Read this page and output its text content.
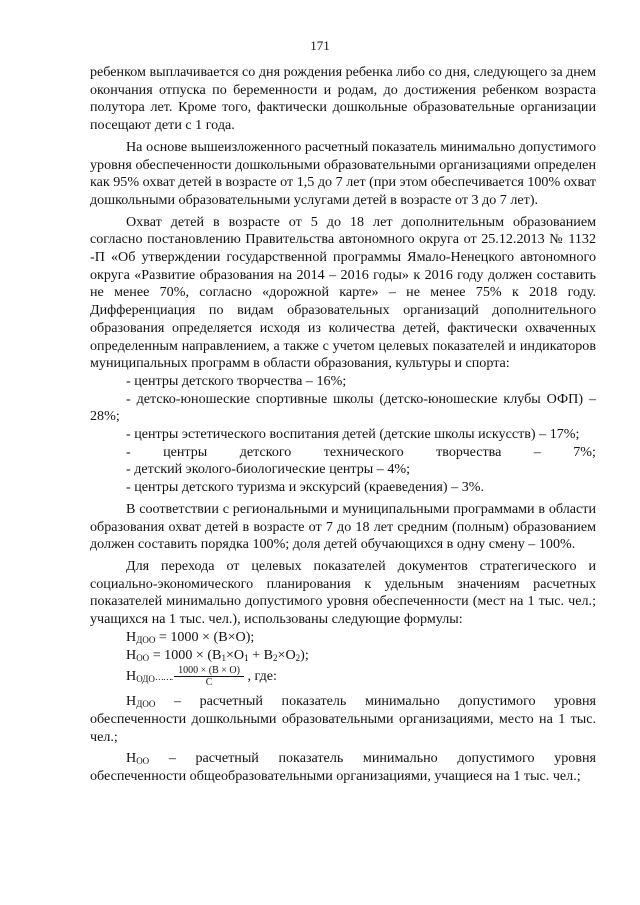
171

ребенком выплачивается со дня рождения ребенка либо со дня, следующего за днем окончания отпуска по беременности и родам, до достижения ребенком возраста полутора лет. Кроме того, фактически дошкольные образовательные организации посещают дети с 1 года.

На основе вышеизложенного расчетный показатель минимально допустимого уровня обеспеченности дошкольными образовательными организациями определен как 95% охват детей в возрасте от 1,5 до 7 лет (при этом обеспечивается 100% охват дошкольными образовательными услугами детей в возрасте от 3 до 7 лет).

Охват детей в возрасте от 5 до 18 лет дополнительным образованием согласно постановлению Правительства автономного округа от 25.12.2013 № 1132 -П «Об утверждении государственной программы Ямало-Ненецкого автономного округа «Развитие образования на 2014 – 2016 годы» к 2016 году должен составить не менее 70%, согласно «дорожной карте» – не менее 75% к 2018 году. Дифференциация по видам образовательных организаций дополнительного образования определяется исходя из количества детей, фактически охваченных определенным направлением, а также с учетом целевых показателей и индикаторов муниципальных программ в области образования, культуры и спорта:

- центры детского творчества – 16%;

- детско-юношеские спортивные школы (детско-юношеские клубы ОФП) – 28%;

- центры эстетического воспитания детей (детские школы искусств) – 17%;

- центры детского технического творчества – 7%;

- детский эколого-биологические центры – 4%;

- центры детского туризма и экскурсий (краеведения) – 3%.

В соответствии с региональными и муниципальными программами в области образования охват детей в возрасте от 7 до 18 лет средним (полным) образованием должен составить порядка 100%; доля детей обучающихся в одну смену – 100%.

Для перехода от целевых показателей документов стратегического и социально-экономического планирования к удельным значениям расчетных показателей минимально допустимого уровня обеспеченности (мест на 1 тыс. чел.; учащихся на 1 тыс. чел.), использованы следующие формулы:

$Н_{ДОО} = 1000 \times (В\times О)$;

$Н_{ОО} = 1000 \times (В_1\times О_1 + В_2\times О_2)$;

$Н_{ОДО}\dots\dots$. $\frac{1000 \times (В \times О)}{С}$ , где:

$Н_{ДОО}$ – расчетный показатель минимально допустимого уровня обеспеченности дошкольными образовательными организациями, место на 1 тыс. чел.;

$Н_{ОО}$ – расчетный показатель минимально допустимого уровня обеспеченности общеобразовательными организациями, учащиеся на 1 тыс. чел.;
